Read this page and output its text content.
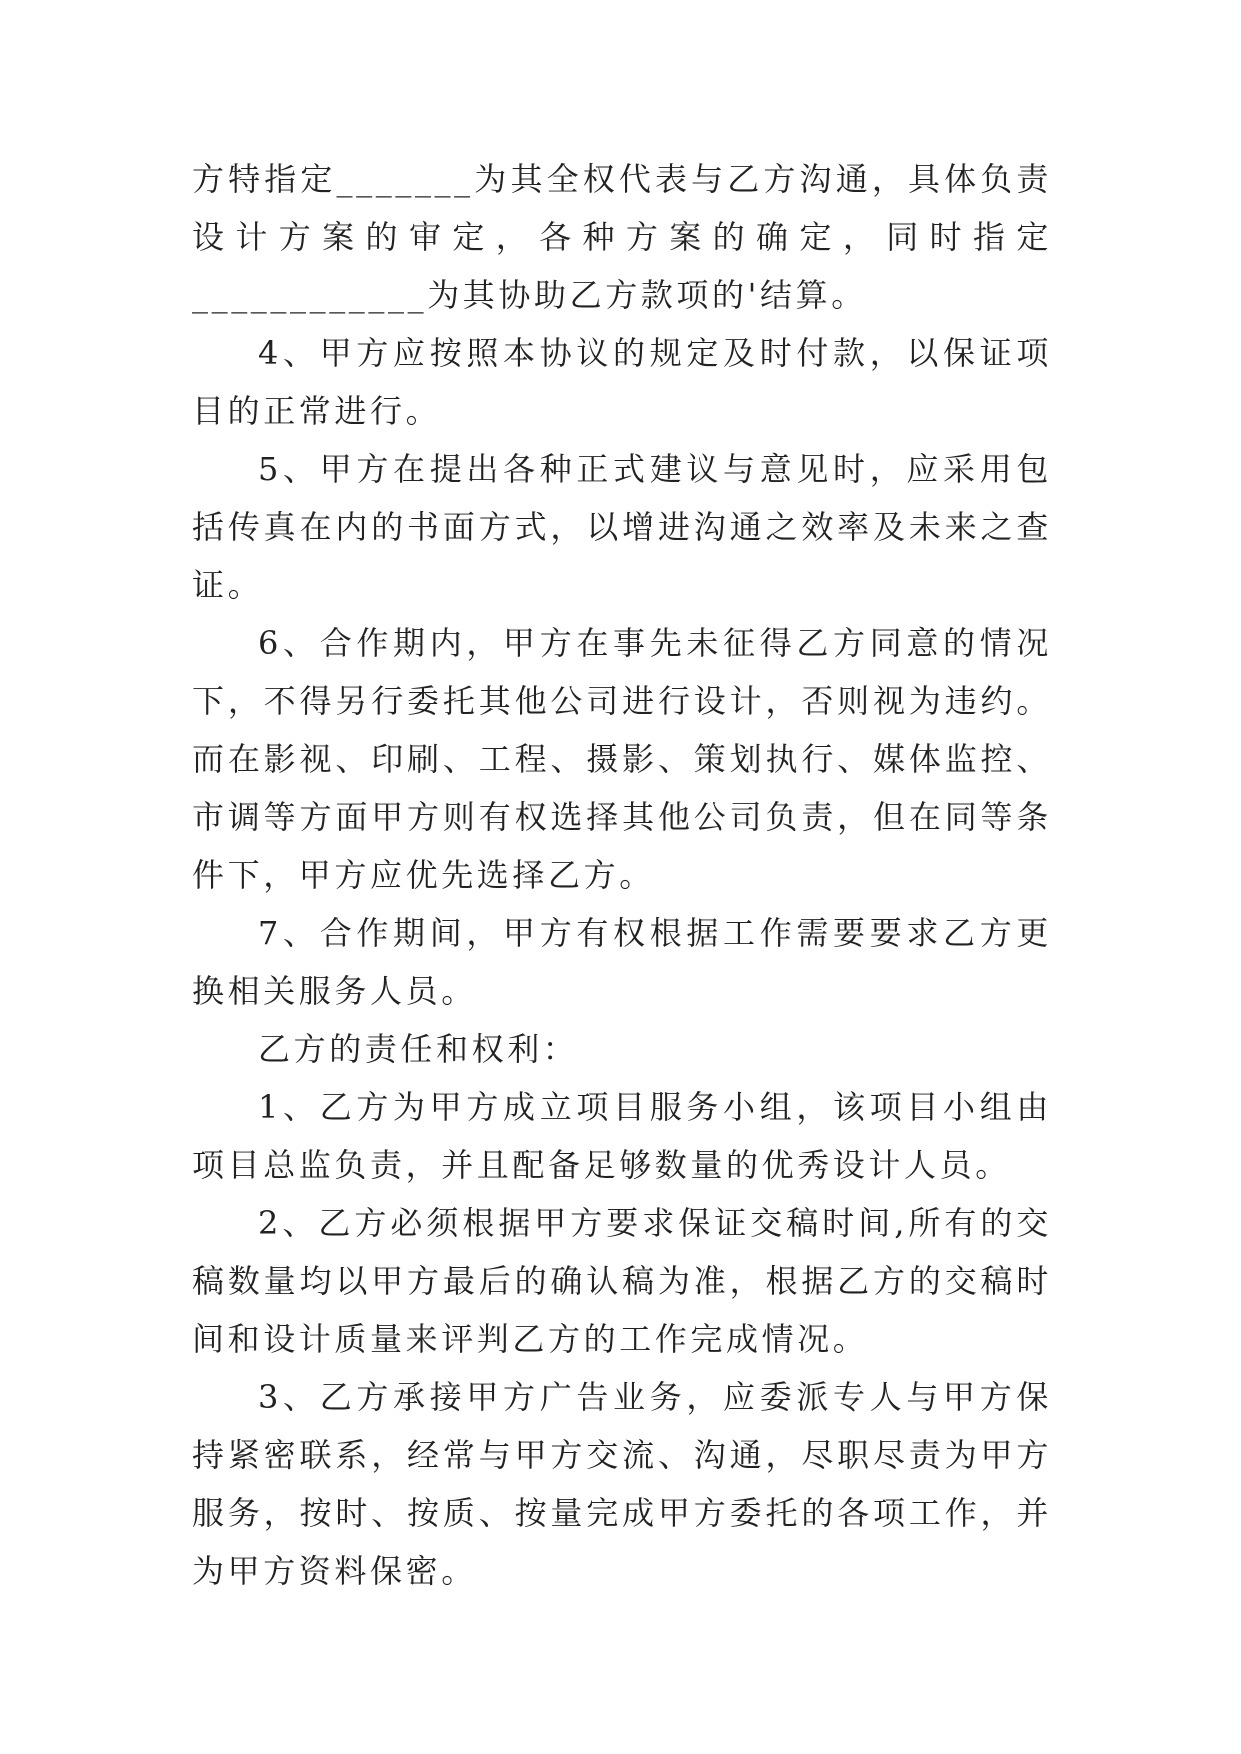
方特指定_______为其全权代表与乙方沟通，具体负责设计方案的审定，各种方案的确定，同时指定____________为其协助乙方款项的'结算。

4、甲方应按照本协议的规定及时付款，以保证项目的正常进行。

5、甲方在提出各种正式建议与意见时，应采用包括传真在内的书面方式，以增进沟通之效率及未来之查证。

6、合作期内，甲方在事先未征得乙方同意的情况下，不得另行委托其他公司进行设计，否则视为违约。而在影视、印刷、工程、摄影、策划执行、媒体监控、市调等方面甲方则有权选择其他公司负责，但在同等条件下，甲方应优先选择乙方。

7、合作期间，甲方有权根据工作需要要求乙方更换相关服务人员。

乙方的责任和权利：

1、乙方为甲方成立项目服务小组，该项目小组由项目总监负责，并且配备足够数量的优秀设计人员。

2、乙方必须根据甲方要求保证交稿时间,所有的交稿数量均以甲方最后的确认稿为准，根据乙方的交稿时间和设计质量来评判乙方的工作完成情况。

3、乙方承接甲方广告业务，应委派专人与甲方保持紧密联系，经常与甲方交流、沟通，尽职尽责为甲方服务，按时、按质、按量完成甲方委托的各项工作，并为甲方资料保密。
